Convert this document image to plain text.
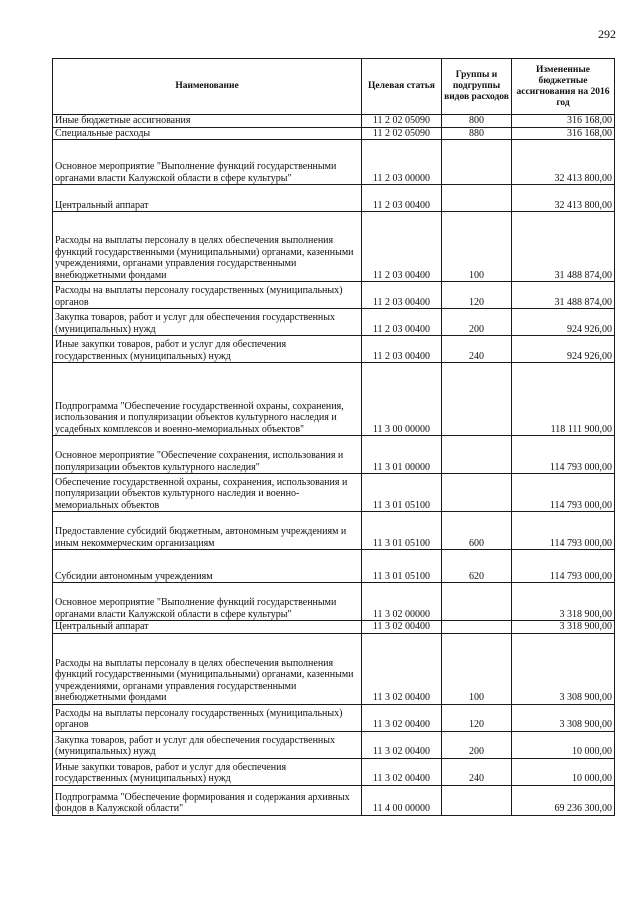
292
Наименование	Целевая статья	Группы и подгруппы видов расходов	Измененные бюджетные ассигнования на 2016 год
Иные бюджетные ассигнования	11 2 02 05090	800	316 168,00
Специальные расходы	11 2 02 05090	880	316 168,00
Основное мероприятие "Выполнение функций государственными органами власти Калужской области в сфере культуры"	11 2 03 00000		32 413 800,00
Центральный аппарат	11 2 03 00400		32 413 800,00
Расходы на выплаты персоналу в целях обеспечения выполнения функций государственными (муниципальными) органами, казенными учреждениями, органами управления государственными внебюджетными фондами	11 2 03 00400	100	31 488 874,00
Расходы на выплаты персоналу государственных (муниципальных) органов	11 2 03 00400	120	31 488 874,00
Закупка товаров, работ и услуг для обеспечения государственных (муниципальных) нужд	11 2 03 00400	200	924 926,00
Иные закупки товаров, работ и услуг для обеспечения государственных (муниципальных) нужд	11 2 03 00400	240	924 926,00
Подпрограмма "Обеспечение государственной охраны, сохранения, использования и популяризации объектов культурного наследия и усадебных комплексов и военно-мемориальных объектов"	11 3 00 00000		118 111 900,00
Основное мероприятие "Обеспечение сохранения, использования и популяризации объектов культурного наследия"	11 3 01 00000		114 793 000,00
Обеспечение государственной охраны, сохранения, использования и популяризации объектов культурного наследия и военно-мемориальных объектов	11 3 01 05100		114 793 000,00
Предоставление субсидий бюджетным, автономным учреждениям и иным некоммерческим организациям	11 3 01 05100	600	114 793 000,00
Субсидии автономным учреждениям	11 3 01 05100	620	114 793 000,00
Основное мероприятие "Выполнение функций государственными органами власти Калужской области в сфере культуры"	11 3 02 00000		3 318 900,00
Центральный аппарат	11 3 02 00400		3 318 900,00
Расходы на выплаты персоналу в целях обеспечения выполнения функций государственными (муниципальными) органами, казенными учреждениями, органами управления государственными внебюджетными фондами	11 3 02 00400	100	3 308 900,00
Расходы на выплаты персоналу государственных (муниципальных) органов	11 3 02 00400	120	3 308 900,00
Закупка товаров, работ и услуг для обеспечения государственных (муниципальных) нужд	11 3 02 00400	200	10 000,00
Иные закупки товаров, работ и услуг для обеспечения государственных (муниципальных) нужд	11 3 02 00400	240	10 000,00
Подпрограмма "Обеспечение формирования и содержания архивных фондов в Калужской области"	11 4 00 00000		69 236 300,00
